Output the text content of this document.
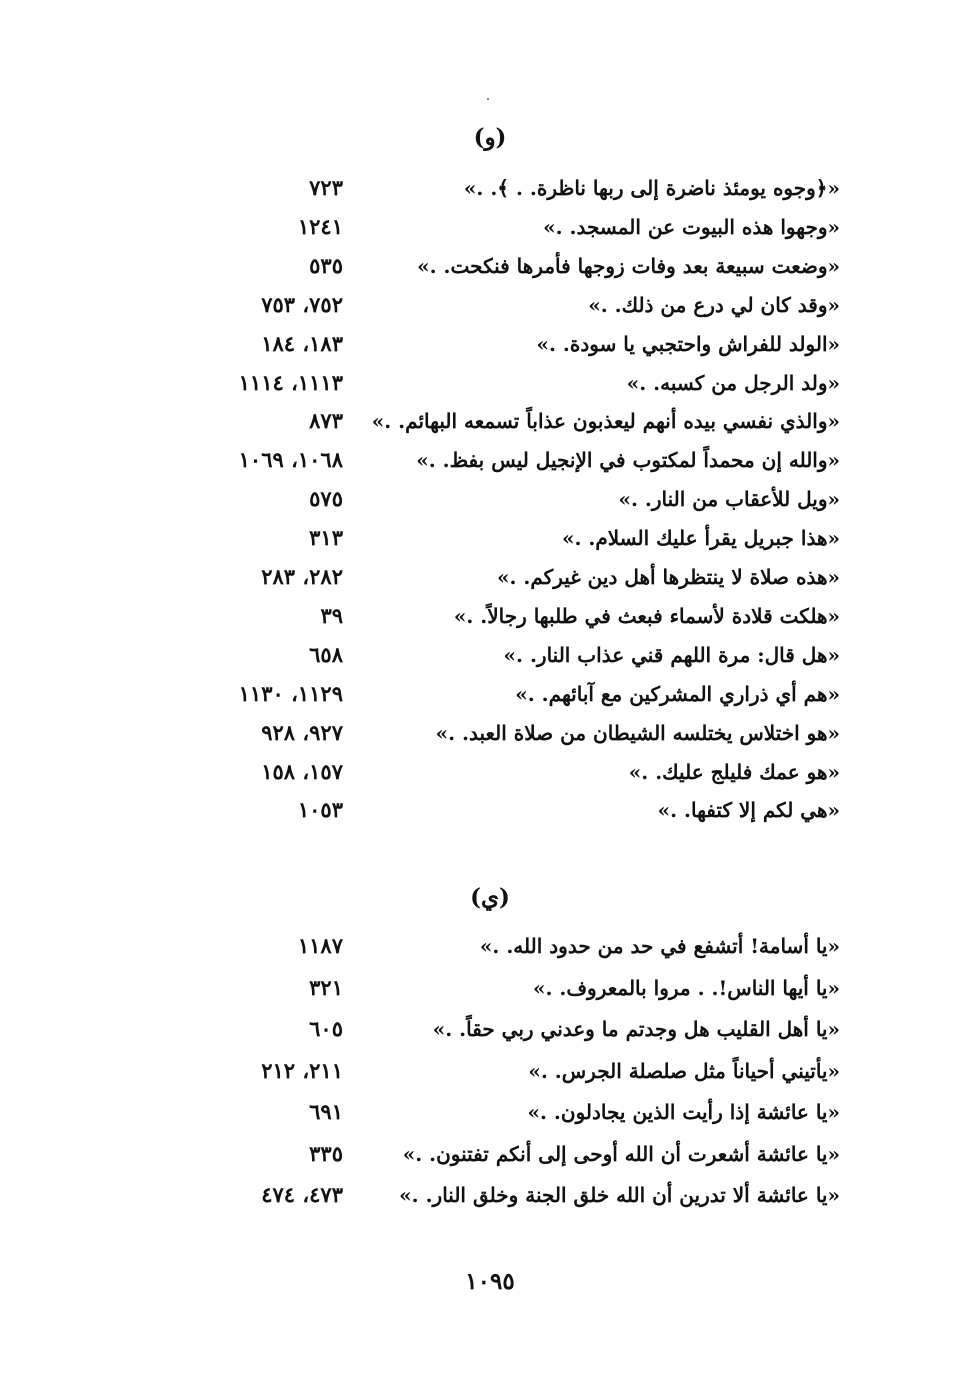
(و)
«﴿وجوه يومئذ ناضرة إلى ربها ناظرة. . ﴾. .»
٧٢٣
«وجهوا هذه البيوت عن المسجد. .»
١٢٤١
«وضعت سبيعة بعد وفات زوجها فأمرها فنكحت. .»
٥٣٥
«وقد كان لي درع من ذلك. .»
٧٥٢، ٧٥٣
«الولد للفراش واحتجبي يا سودة. .»
١٨٣، ١٨٤
«ولد الرجل من كسبه. .»
١١١٣، ١١١٤
«والذي نفسي بيده أنهم ليعذبون عذاباً تسمعه البهائم. .»
٨٧٣
«والله إن محمداً لمكتوب في الإنجيل ليس بفظ. .»
١٠٦٨، ١٠٦٩
«ويل للأعقاب من النار. .»
٥٧٥
«هذا جبريل يقرأ عليك السلام. .»
٣١٣
«هذه صلاة لا ينتظرها أهل دين غيركم. .»
٢٨٢، ٢٨٣
«هلكت قلادة لأسماء فبعث في طلبها رجالاً. .»
٣٩
«هل قال: مرة اللهم قني عذاب النار. .»
٦٥٨
«هم أي ذراري المشركين مع آبائهم. .»
١١٢٩، ١١٣٠
«هو اختلاس يختلسه الشيطان من صلاة العبد. .»
٩٢٧، ٩٢٨
«هو عمك فليلج عليك. .»
١٥٧، ١٥٨
«هي لكم إلا كتفها. .»
١٠٥٣
(ي)
«يا أسامة! أتشفع في حد من حدود الله. .»
١١٨٧
«يا أيها الناس!. . مروا بالمعروف. .»
٣٢١
«يا أهل القليب هل وجدتم ما وعدني ربي حقاً. .»
٦٠٥
«يأتيني أحياناً مثل صلصلة الجرس. .»
٢١١، ٢١٢
«يا عائشة إذا رأيت الذين يجادلون. .»
٦٩١
«يا عائشة أشعرت أن الله أوحى إلى أنكم تفتنون. .»
٣٣٥
«يا عائشة ألا تدرين أن الله خلق الجنة وخلق النار. .»
٤٧٣، ٤٧٤
١٠٩٥
